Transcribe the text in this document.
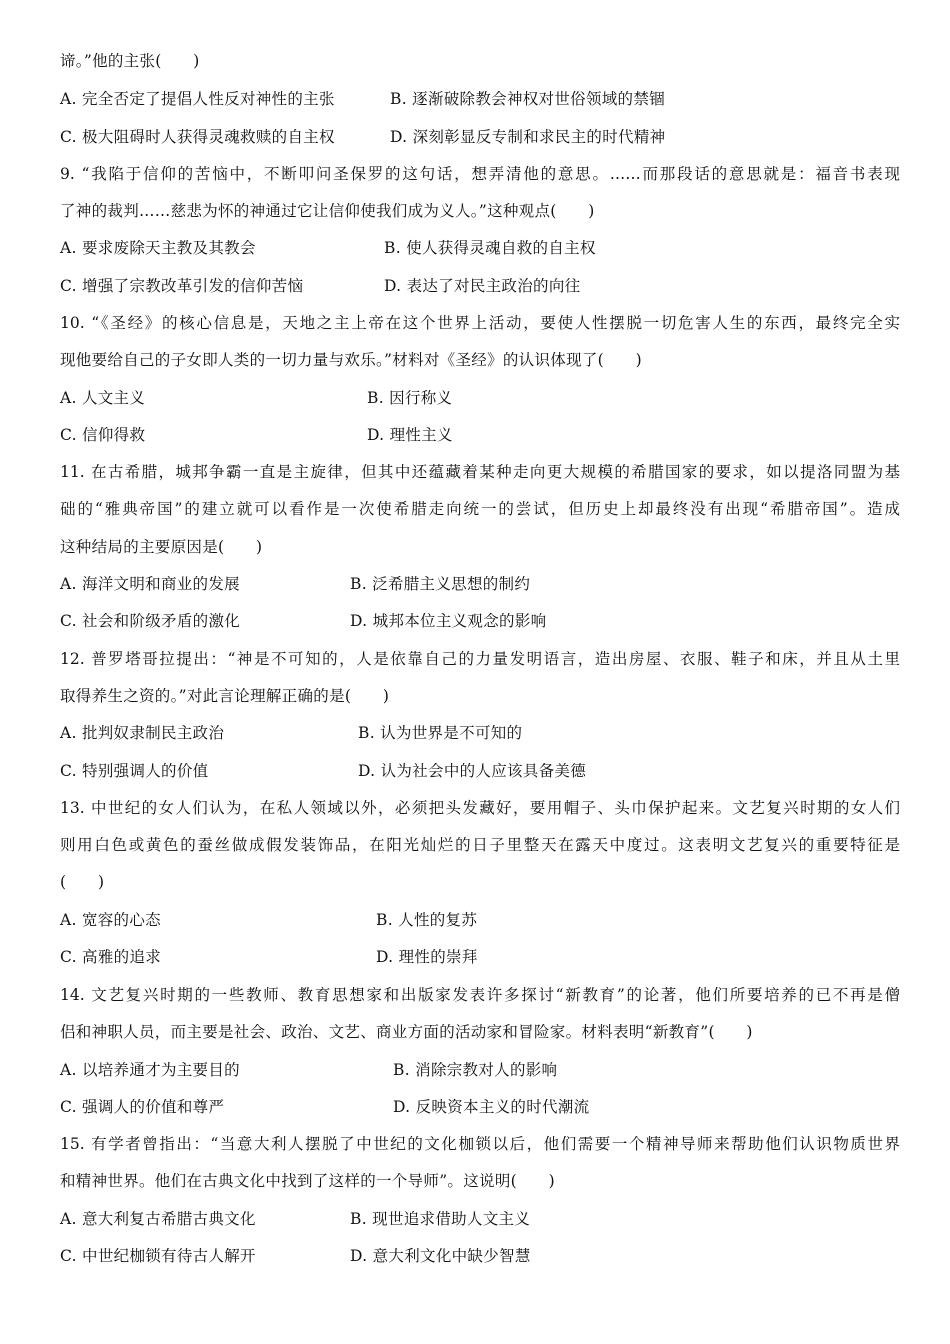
谛。”他的主张(　　)
A. 完全否定了提倡人性反对神性的主张	B. 逐渐破除教会神权对世俗领域的禁锢
C. 极大阻碍时人获得灵魂救赎的自主权	D. 深刻彰显反专制和求民主的时代精神
9. “我陷于信仰的苦恼中，不断叩问圣保罗的这句话，想弄清他的意思。……而那段话的意思就是：福音书表现
了神的裁判……慈悲为怀的神通过它让信仰使我们成为义人。”这种观点(　　)
A. 要求废除天主教及其教会	B. 使人获得灵魂自救的自主权
C. 增强了宗教改革引发的信仰苦恼	D. 表达了对民主政治的向往
10. “《圣经》的核心信息是，天地之主上帝在这个世界上活动，要使人性摆脱一切危害人生的东西，最终完全实
现他要给自己的子女即人类的一切力量与欢乐。”材料对《圣经》的认识体现了(　　)
A. 人文主义	B. 因行称义
C. 信仰得救	D. 理性主义
11. 在古希腊，城邦争霸一直是主旋律，但其中还蕴藏着某种走向更大规模的希腊国家的要求，如以提洛同盟为基
础的“雅典帝国”的建立就可以看作是一次使希腊走向统一的尝试，但历史上却最终没有出现“希腊帝国”。造成
这种结局的主要原因是(　　)
A. 海洋文明和商业的发展	B. 泛希腊主义思想的制约
C. 社会和阶级矛盾的激化	D. 城邦本位主义观念的影响
12. 普罗塔哥拉提出：“神是不可知的，人是依靠自己的力量发明语言，造出房屋、衣服、鞋子和床，并且从土里
取得养生之资的。”对此言论理解正确的是(　　)
A. 批判奴隶制民主政治	B. 认为世界是不可知的
C. 特别强调人的价值	D. 认为社会中的人应该具备美德
13. 中世纪的女人们认为，在私人领域以外，必须把头发藏好，要用帽子、头巾保护起来。文艺复兴时期的女人们
则用白色或黄色的蚕丝做成假发装饰品，在阳光灿烂的日子里整天在露天中度过。这表明文艺复兴的重要特征是
(　　)
A. 宽容的心态	B. 人性的复苏
C. 高雅的追求	D. 理性的崇拜
14. 文艺复兴时期的一些教师、教育思想家和出版家发表许多探讨“新教育”的论著，他们所要培养的已不再是僧
侣和神职人员，而主要是社会、政治、文艺、商业方面的活动家和冒险家。材料表明“新教育”(　　)
A. 以培养通才为主要目的	B. 消除宗教对人的影响
C. 强调人的价值和尊严	D. 反映资本主义的时代潮流
15. 有学者曾指出：“当意大利人摆脱了中世纪的文化枷锁以后，他们需要一个精神导师来帮助他们认识物质世界
和精神世界。他们在古典文化中找到了这样的一个导师”。这说明(　　)
A. 意大利复古希腊古典文化	B. 现世追求借助人文主义
C. 中世纪枷锁有待古人解开	D. 意大利文化中缺少智慧
